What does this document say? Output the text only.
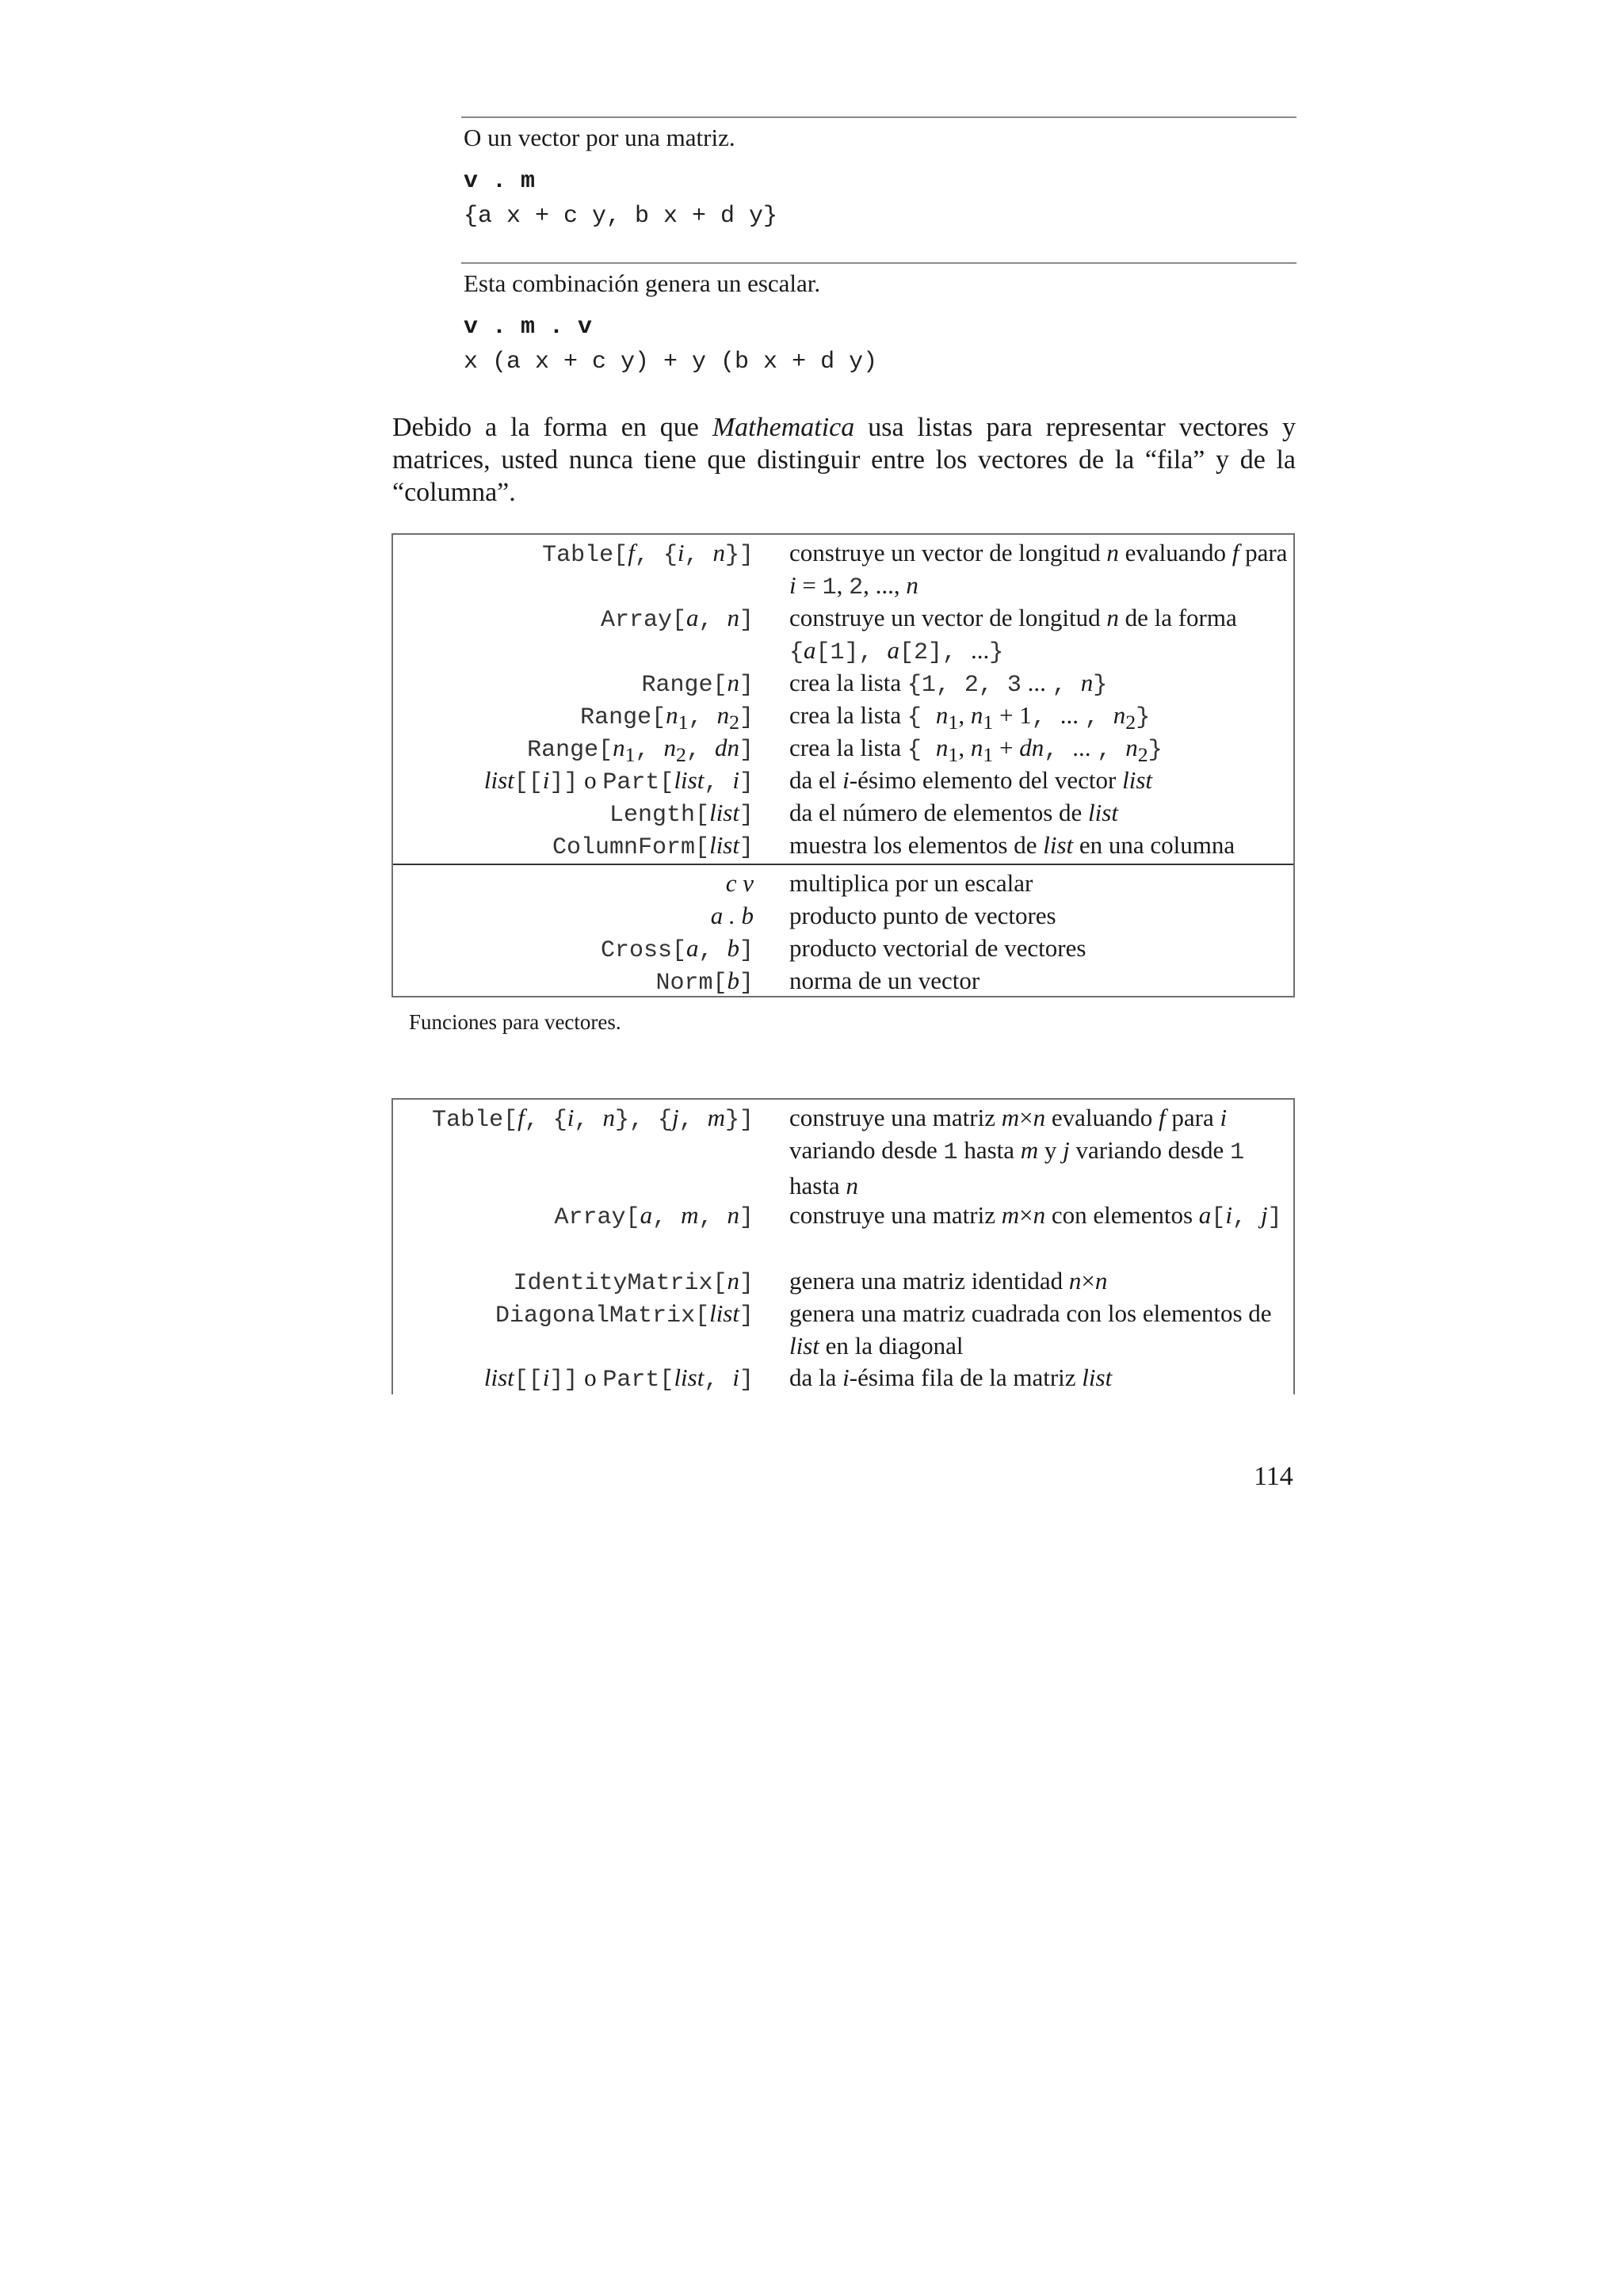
O un vector por una matriz.
v . m
{a x + c y, b x + d y}
Esta combinación genera un escalar.
v . m . v
x (a x + c y) + y (b x + d y)
Debido a la forma en que Mathematica usa listas para representar vectores y matrices, usted nunca tiene que distinguir entre los vectores de la “fila” y de la “columna”.
Table[f, {i, n}] construye un vector de longitud n evaluando f para i = 1, 2, ..., n
Array[a, n] construye un vector de longitud n de la forma {a[1], a[2], ...}
Range[n] crea la lista {1, 2, 3 ... , n}
$Range[n_1$, $n_2$] crea la lista { $n_1$, $n_1 + 1$, ... , $n_2$}
$Range[n_1$, $n_2$, dn] crea la lista { $n_1$, $n_1$ + dn, ... , $n_2$}
list[[i]] o Part[list, i] da el i-ésimo elemento del vector list
Length[list] da el número de elementos de list
ColumnForm[list] muestra los elementos de list en una columna
c v multiplica por un escalar
a . b producto punto de vectores
Cross[a, b] producto vectorial de vectores
Norm[b] norma de un vector
Funciones para vectores.
Table[f, {i, n}, {j, m}] construye una matriz m×n evaluando f para i variando desde 1 hasta m y j variando desde 1 hasta n
Array[a, m, n] construye una matriz m×n con elementos a[i, j]
IdentityMatrix[n] genera una matriz identidad n×n
DiagonalMatrix[list] genera una matriz cuadrada con los elementos de list en la diagonal
list[[i]] o Part[list, i] da la i-ésima fila de la matriz list
114
